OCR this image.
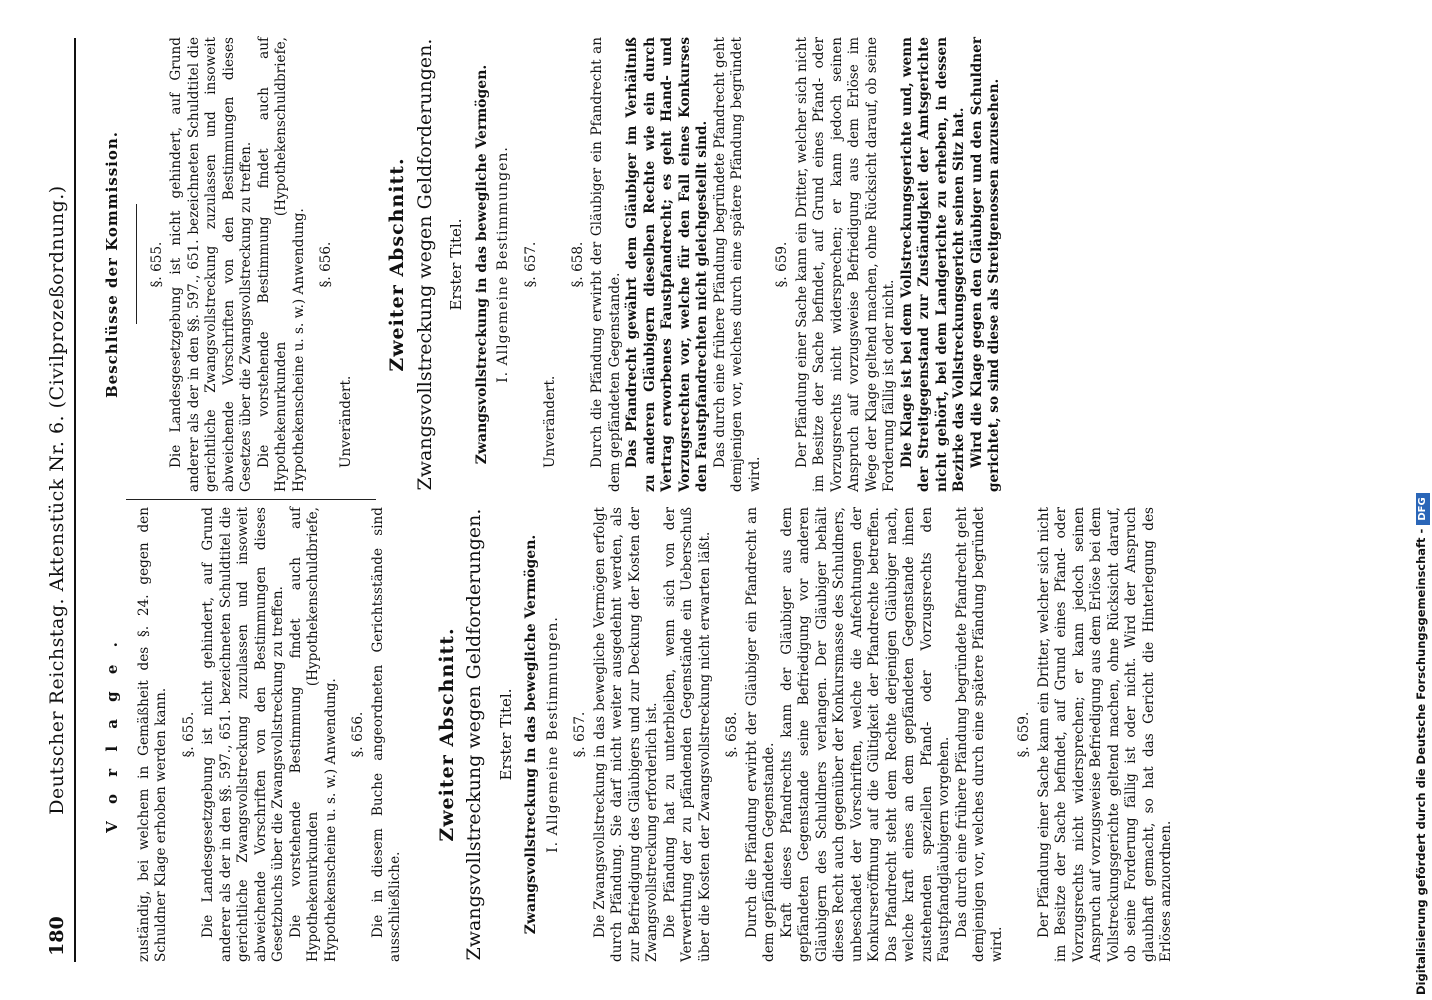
180
Deutscher Reichstag. Aktenstück Nr. 6. (Civilprozeßordnung.)	V o r l a g e . zuständig, bei welchem in Gemäßheit des §. 24. gegen den Schuldner Klage erhoben werden kann. §. 655. Die Landesgesetzgebung ist nicht gehindert, auf Grund anderer als der in den §§. 597., 651. bezeichneten Schuldtitel die gerichtliche Zwangsvollstreckung zuzulassen und insoweit abweichende Vorschriften von den Bestimmungen dieses Gesetzbuchs über die Zwangsvollstreckung zu treffen. Die vorstehende Bestimmung findet auch auf Hypothekenurkunden (Hypothekenschuldbriefe, Hypothekenscheine u. s. w.) Anwendung. §. 656. Die in diesem Buche angeordneten Gerichtsstände sind ausschließliche.

Zweiter Abschnitt. Zwangsvollstreckung wegen Geldforderungen. Erster Titel. Zwangsvollstreckung in das bewegliche Vermögen. I. Allgemeine Bestimmungen. §. 657. Die Zwangsvollstreckung in das bewegliche Vermögen erfolgt durch Pfändung. Sie darf nicht weiter ausgedehnt werden, als zur Befriedigung des Gläubigers und zur Deckung der Kosten der Zwangsvollstreckung erforderlich ist. Die Pfändung hat zu unterbleiben, wenn sich von der Verwerthung der zu pfändenden Gegenstände ein Ueberschuß über die Kosten der Zwangsvollstreckung nicht erwarten läßt. §. 658. Durch die Pfändung erwirbt der Gläubiger ein Pfandrecht an dem gepfändeten Gegenstande. Kraft dieses Pfandrechts kann der Gläubiger aus dem gepfändeten Gegenstande seine Befriedigung vor anderen Gläubigern des Schuldners verlangen. Der Gläubiger behält dieses Recht auch gegenüber der Konkursmasse des Schuldners, unbeschadet der Vorschriften, welche die Anfechtungen der Konkurseröffnung auf die Gültigkeit der Pfandrechte betreffen. Das Pfandrecht steht dem Rechte derjenigen Gläubiger nach, welche kraft eines an dem gepfändeten Gegenstande ihnen zustehenden speziellen Pfand- oder Vorzugsrechts den Faustpfandgläubigern vorgehen. Das durch eine frühere Pfändung begründete Pfandrecht geht demjenigen vor, welches durch eine spätere Pfändung begründet wird.

§. 659. Der Pfändung einer Sache kann ein Dritter, welcher sich nicht im Besitze der Sache befindet, auf Grund eines Pfand- oder Vorzugsrechts nicht widersprechen; er kann jedoch seinen Anspruch auf vorzugsweise Befriedigung aus dem Erlöse bei dem Vollstreckungsgerichte geltend machen, ohne Rücksicht darauf, ob seine Forderung fällig ist oder nicht. Wird der Anspruch glaubhaft gemacht, so hat das Gericht die Hinterlegung des Erlöses anzuordnen.

Beschlüsse der Kommission. §. 655. Die Landesgesetzgebung ist nicht gehindert, auf Grund anderer als der in den §§. 597., 651. bezeichneten Schuldtitel die gerichtliche Zwangsvollstreckung zuzulassen und insoweit abweichende Vorschriften von den Bestimmungen dieses Gesetzes über die Zwangsvollstreckung zu treffen. Die vorstehende Bestimmung findet auch auf Hypothekenurkunden (Hypothekenschuldbriefe, Hypothekenscheine u. s. w.) Anwendung. §. 656.

Unverändert.

Zweiter Abschnitt. Zwangsvollstreckung wegen Geldforderungen. Erster Titel. Zwangsvollstreckung in das bewegliche Vermögen. I. Allgemeine Bestimmungen. §. 657.

Unverändert.

§. 658. Durch die Pfändung erwirbt der Gläubiger ein Pfandrecht an dem gepfändeten Gegenstande. Das Pfandrecht gewährt dem Gläubiger im Verhältniß zu anderen Gläubigern dieselben Rechte wie ein durch Vertrag erworbenes Faustpfandrecht; es geht Hand- und Vorzugsrechten vor, welche für den Fall eines Konkurses den Faustpfandrechten nicht gleichgestellt sind. Das durch eine frühere Pfändung begründete Pfandrecht geht demjenigen vor, welches durch eine spätere Pfändung begründet wird.

§. 659. Der Pfändung einer Sache kann ein Dritter, welcher sich nicht im Besitze der Sache befindet, auf Grund eines Pfand- oder Vorzugsrechts nicht widersprechen; er kann jedoch seinen Anspruch auf vorzugsweise Befriedigung aus dem Erlöse im Wege der Klage geltend machen, ohne Rücksicht darauf, ob seine Forderung fällig ist oder nicht. Die Klage ist bei dem Vollstreckungsgerichte und, wenn der Streitgegenstand zur Zuständigkeit der Amtsgerichte nicht gehört, bei dem Landgerichte zu erheben, in dessen Bezirke das Vollstreckungsgericht seinen Sitz hat. Wird die Klage gegen den Gläubiger und den Schuldner gerichtet, so sind diese als Streitgenossen anzusehen.

Digitalisierung gefördert durch die Deutsche Forschungsgemeinschaft -DFG
